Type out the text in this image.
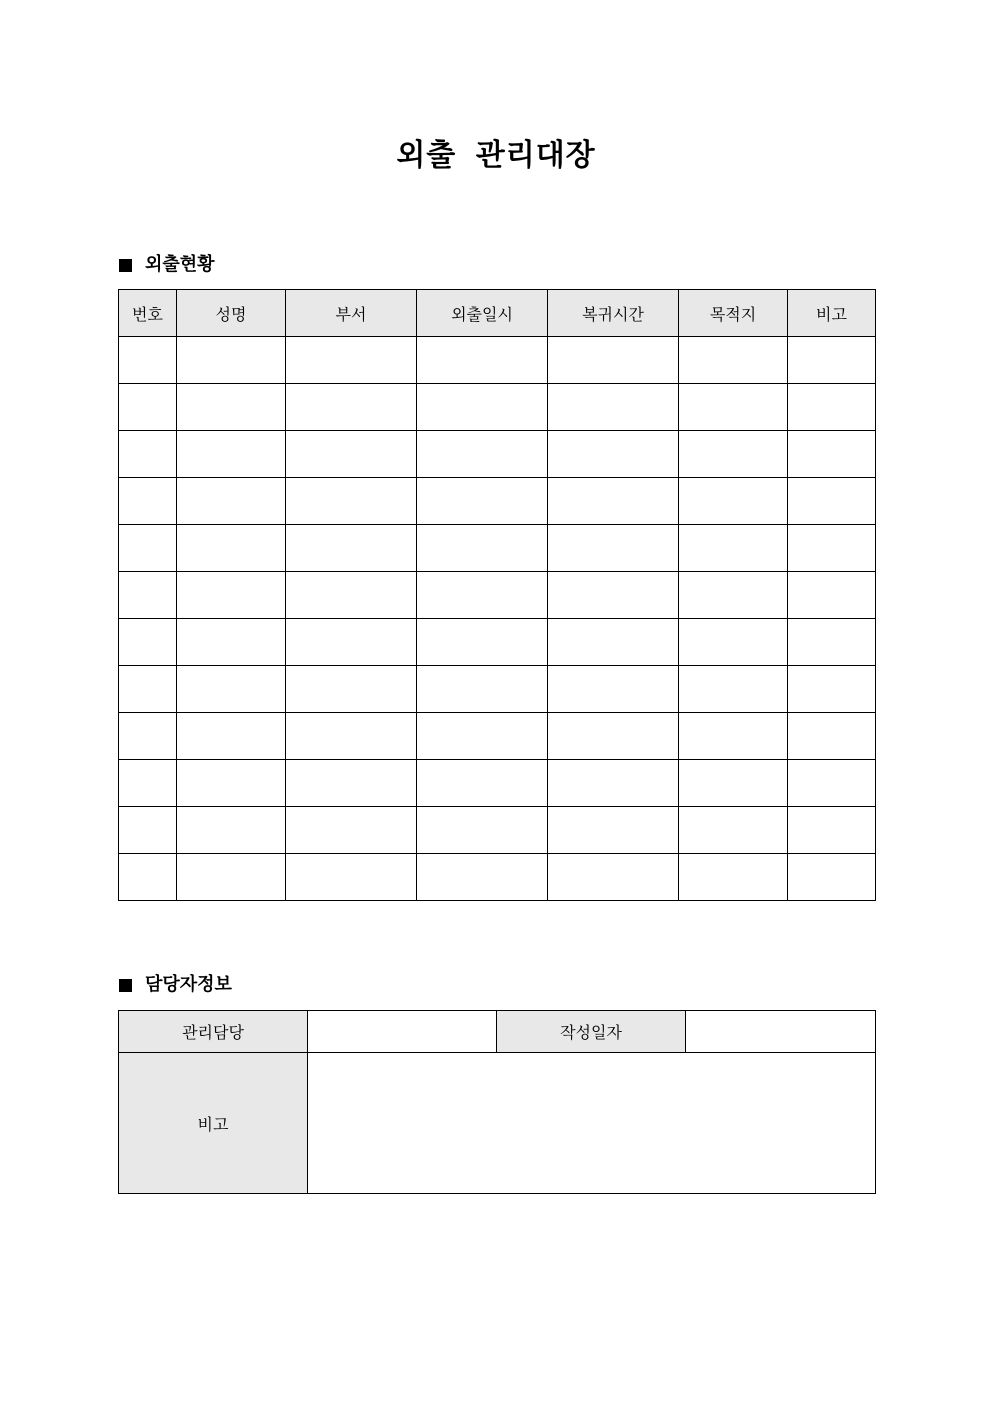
외출 관리대장
외출현황
번호	성명	부서	외출일시	복귀시간	목적지	비고

담당자정보
관리담당		작성일자	
비고			
